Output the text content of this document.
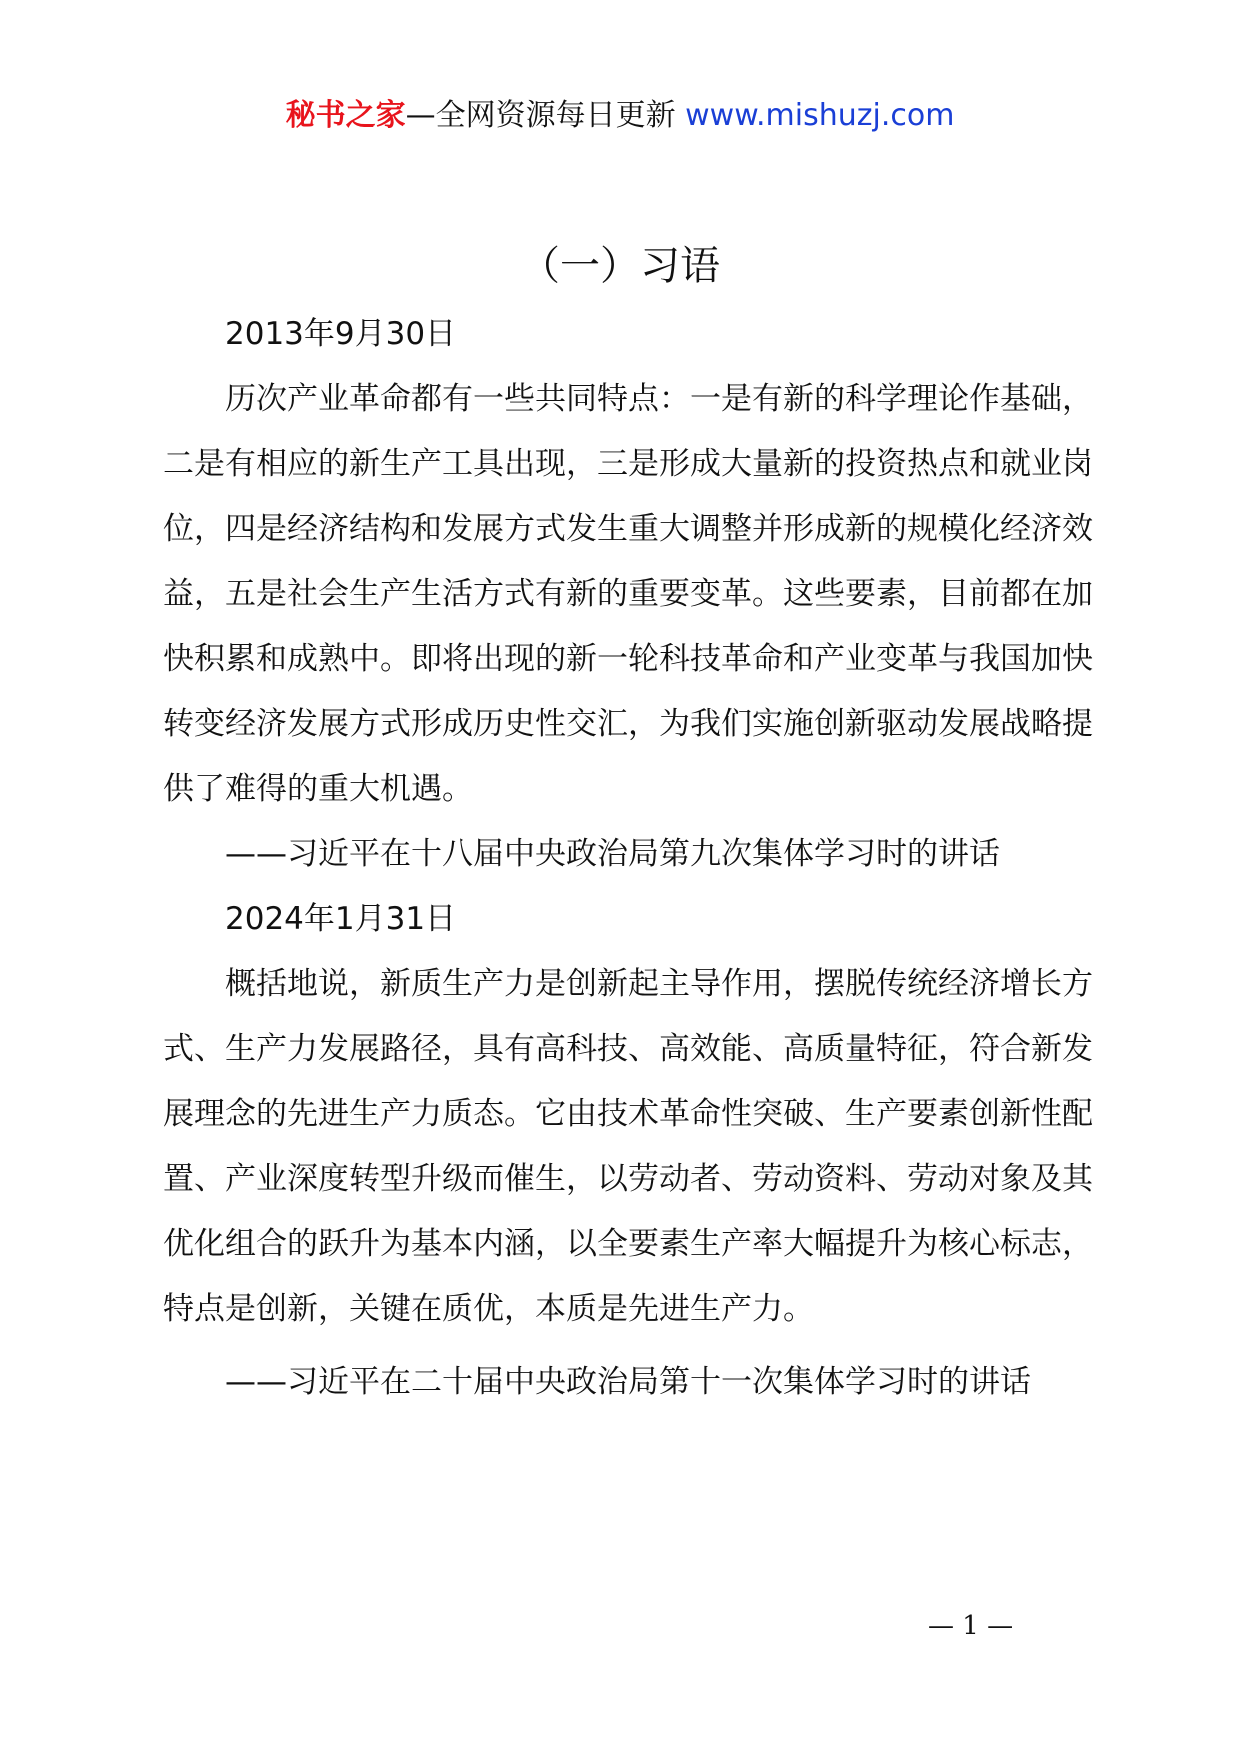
秘书之家—全网资源每日更新 www.mishuzj.com
（一）习语

2013年9月30日

历次产业革命都有一些共同特点：一是有新的科学理论作基础，二是有相应的新生产工具出现，三是形成大量新的投资热点和就业岗位，四是经济结构和发展方式发生重大调整并形成新的规模化经济效益，五是社会生产生活方式有新的重要变革。这些要素，目前都在加快积累和成熟中。即将出现的新一轮科技革命和产业变革与我国加快转变经济发展方式形成历史性交汇，为我们实施创新驱动发展战略提供了难得的重大机遇。

——习近平在十八届中央政治局第九次集体学习时的讲话

2024年1月31日

概括地说，新质生产力是创新起主导作用，摆脱传统经济增长方式、生产力发展路径，具有高科技、高效能、高质量特征，符合新发展理念的先进生产力质态。它由技术革命性突破、生产要素创新性配置、产业深度转型升级而催生，以劳动者、劳动资料、劳动对象及其优化组合的跃升为基本内涵，以全要素生产率大幅提升为核心标志，特点是创新，关键在质优，本质是先进生产力。

——习近平在二十届中央政治局第十一次集体学习时的讲话

— 1 —
